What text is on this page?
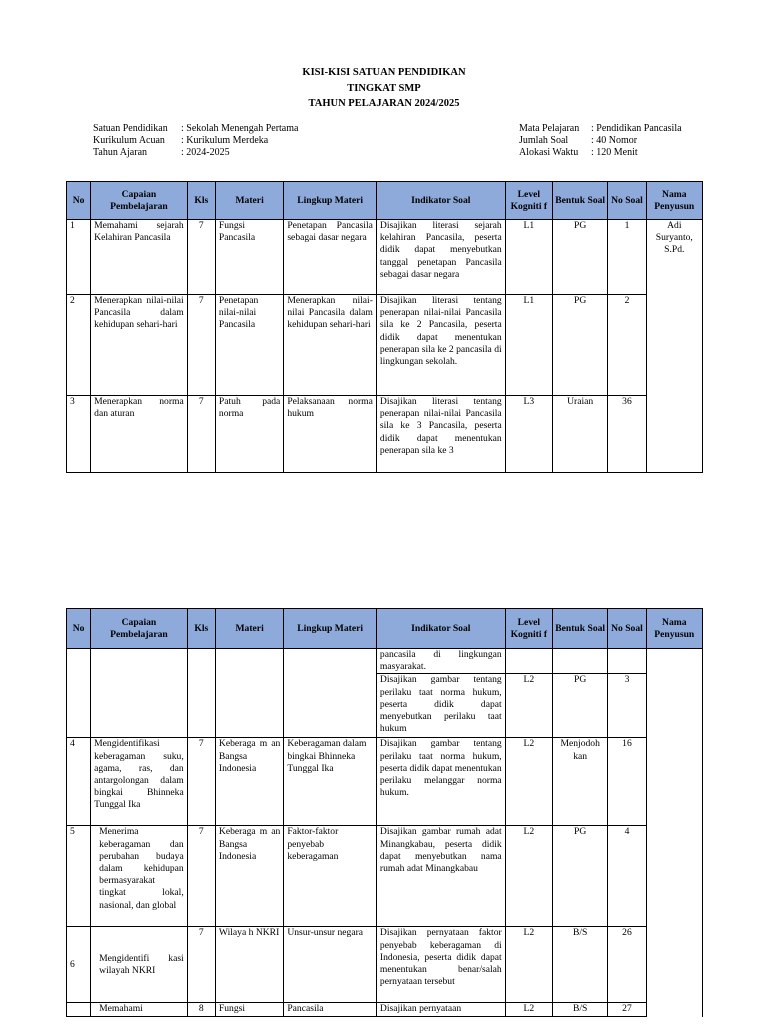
KISI-KISI SATUAN PENDIDIKAN
TINGKAT SMP
TAHUN PELAJARAN 2024/2025
Satuan Pendidikan	: Sekolah Menengah Pertama
Kurikulum Acuan	: Kurikulum Merdeka
Tahun Ajaran	: 2024-2025
Mata Pelajaran	: Pendidikan Pancasila
Jumlah Soal	: 40 Nomor
Alokasi Waktu	: 120 Menit
No	Capaian Pembelajaran	Kls	Materi	Lingkup Materi	Indikator Soal	Level Kogniti f	Bentuk Soal	No Soal	Nama Penyusun
1	Memahami sejarah Kelahiran Pancasila	7	Fungsi Pancasila	Penetapan Pancasila sebagai dasar negara	Disajikan literasi sejarah kelahiran Pancasila, peserta didik dapat menyebutkan tanggal penetapan Pancasila sebagai dasar negara	L1	PG	1	Adi Suryanto, S.Pd.
2	Menerapkan nilai-nilai Pancasila dalam kehidupan sehari-hari	7	Penetapan nilai-nilai Pancasila	Menerapkan nilai-nilai Pancasila dalam kehidupan sehari-hari	Disajikan literasi tentang penerapan nilai-nilai Pancasila sila ke 2 Pancasila, peserta didik dapat menentukan penerapan sila ke 2 pancasila di lingkungan sekolah.	L1	PG	2	
3	Menerapkan norma dan aturan	7	Patuh pada norma	Pelaksanaan norma hukum	Disajikan literasi tentang penerapan nilai-nilai Pancasila sila ke 3 Pancasila, peserta didik dapat menentukan penerapan sila ke 3	L3	Uraian	36	
No	Capaian Pembelajaran	Kls	Materi	Lingkup Materi	Indikator Soal	Level Kogniti f	Bentuk Soal	No Soal	Nama Penyusun
					pancasila di lingkungan masyarakat.				
					Disajikan gambar tentang perilaku taat norma hukum, peserta didik dapat menyebutkan perilaku taat hukum	L2	PG	3	
4	Mengidentifikasi keberagaman suku, agama, ras, dan antargolongan dalam bingkai Bhinneka Tunggal Ika	7	Keberaga m an Bangsa Indonesia	Keberagaman dalam bingkai Bhinneka Tunggal Ika	Disajikan gambar tentang perilaku taat norma hukum, peserta didik dapat menentukan perilaku melanggar norma hukum.	L2	Menjodoh kan	16	
5	Menerima keberagaman dan perubahan budaya dalam kehidupan bermasyarakat tingkat lokal, nasional, dan global	7	Keberaga m an Bangsa Indonesia	Faktor-faktor penyebab keberagaman	Disajikan gambar rumah adat Minangkabau, peserta didik dapat menyebutkan nama rumah adat Minangkabau	L2	PG	4	
6	Mengidentifi kasi wilayah NKRI	7	Wilaya h NKRI	Unsur-unsur negara	Disajikan pernyataan faktor penyebab keberagaman di Indonesia, peserta didik dapat menentukan benar/salah pernyataan tersebut	L2	B/S	26	
	Memahami	8	Fungsi	Pancasila	Disajikan pernyataan	L2	B/S	27	
